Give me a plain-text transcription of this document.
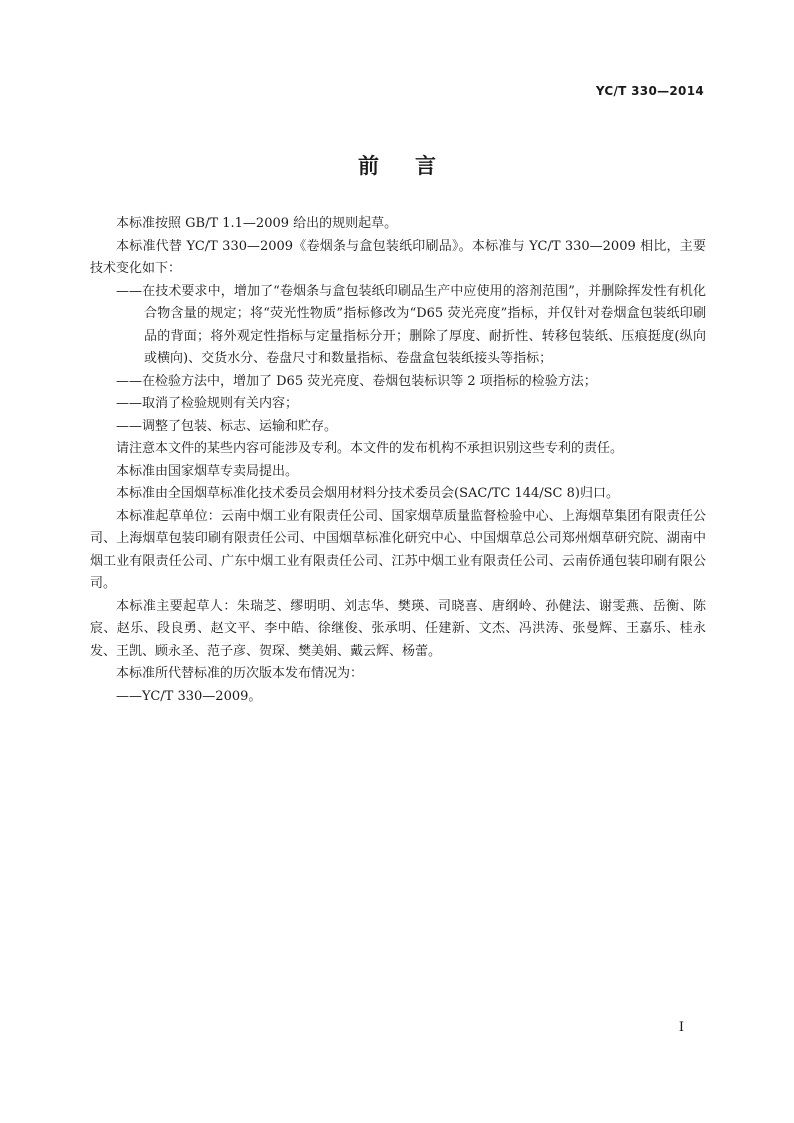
YC/T 330—2014
前言

本标准按照 GB/T 1.1—2009 给出的规则起草。

本标准代替 YC/T 330—2009《卷烟条与盒包装纸印刷品》。本标准与 YC/T 330—2009 相比，主要技术变化如下：

——在技术要求中，增加了“卷烟条与盒包装纸印刷品生产中应使用的溶剂范围”，并删除挥发性有机化合物含量的规定；将“荧光性物质”指标修改为“D65 荧光亮度”指标，并仅针对卷烟盒包装纸印刷品的背面；将外观定性指标与定量指标分开；删除了厚度、耐折性、转移包装纸、压痕挺度(纵向或横向)、交货水分、卷盘尺寸和数量指标、卷盘盒包装纸接头等指标；

——在检验方法中，增加了 D65 荧光亮度、卷烟包装标识等 2 项指标的检验方法；

——取消了检验规则有关内容；

——调整了包装、标志、运输和贮存。

请注意本文件的某些内容可能涉及专利。本文件的发布机构不承担识别这些专利的责任。

本标准由国家烟草专卖局提出。

本标准由全国烟草标准化技术委员会烟用材料分技术委员会(SAC/TC 144/SC 8)归口。

本标准起草单位：云南中烟工业有限责任公司、国家烟草质量监督检验中心、上海烟草集团有限责任公司、上海烟草包装印刷有限责任公司、中国烟草标准化研究中心、中国烟草总公司郑州烟草研究院、湖南中烟工业有限责任公司、广东中烟工业有限责任公司、江苏中烟工业有限责任公司、云南侨通包装印刷有限公司。

本标准主要起草人：朱瑞芝、缪明明、刘志华、樊瑛、司晓喜、唐纲岭、孙健法、谢雯燕、岳衡、陈宸、赵乐、段良勇、赵文平、李中皓、徐继俊、张承明、任建新、文杰、冯洪涛、张曼辉、王嘉乐、桂永发、王凯、顾永圣、范子彦、贺琛、樊美娟、戴云辉、杨蕾。

本标准所代替标准的历次版本发布情况为：

——YC/T 330—2009。

I
